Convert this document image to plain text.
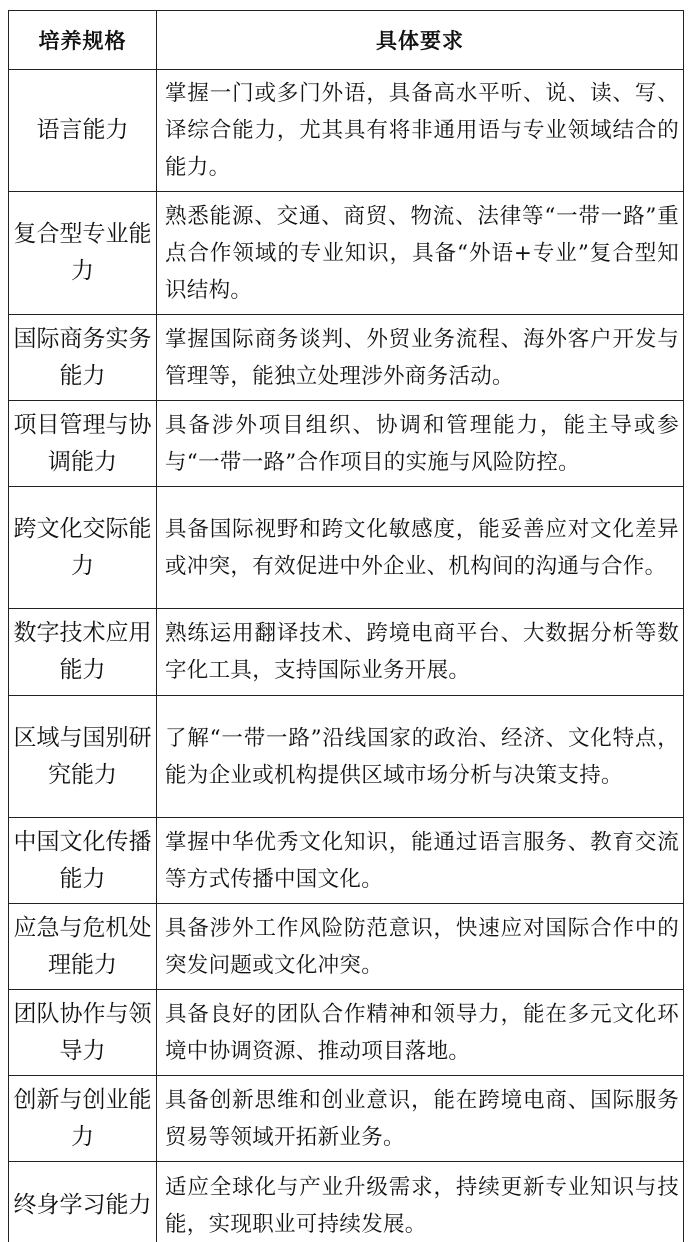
培养规格	具体要求
语言能力	掌握一门或多门外语，具备高水平听、说、读、写、译综合能力，尤其具有将非通用语与专业领域结合的能力。
复合型专业能力	熟悉能源、交通、商贸、物流、法律等“一带一路”重点合作领域的专业知识，具备“外语+专业”复合型知识结构。
国际商务实务能力	掌握国际商务谈判、外贸业务流程、海外客户开发与管理等，能独立处理涉外商务活动。
项目管理与协调能力	具备涉外项目组织、协调和管理能力，能主导或参与“一带一路”合作项目的实施与风险防控。
跨文化交际能力	具备国际视野和跨文化敏感度，能妥善应对文化差异或冲突，有效促进中外企业、机构间的沟通与合作。
数字技术应用能力	熟练运用翻译技术、跨境电商平台、大数据分析等数字化工具，支持国际业务开展。
区域与国别研究能力	了解“一带一路”沿线国家的政治、经济、文化特点，能为企业或机构提供区域市场分析与决策支持。
中国文化传播能力	掌握中华优秀文化知识，能通过语言服务、教育交流等方式传播中国文化。
应急与危机处理能力	具备涉外工作风险防范意识，快速应对国际合作中的突发问题或文化冲突。
团队协作与领导力	具备良好的团队合作精神和领导力，能在多元文化环境中协调资源、推动项目落地。
创新与创业能力	具备创新思维和创业意识，能在跨境电商、国际服务贸易等领域开拓新业务。
终身学习能力	适应全球化与产业升级需求，持续更新专业知识与技能，实现职业可持续发展。
